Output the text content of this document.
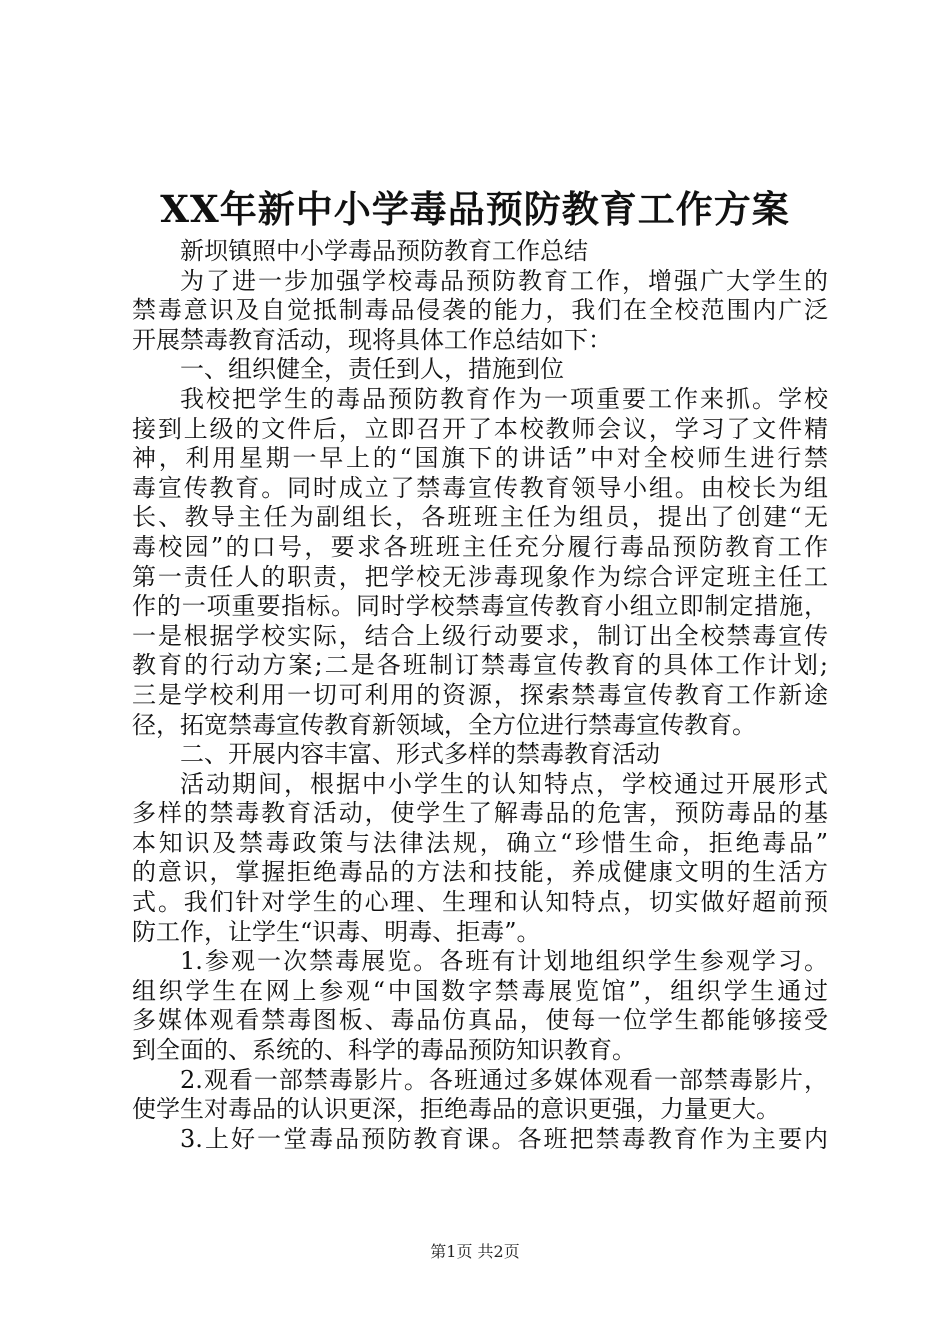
XX年新中小学毒品预防教育工作方案
新坝镇照中小学毒品预防教育工作总结
为了进一步加强学校毒品预防教育工作，增强广大学生的
禁毒意识及自觉抵制毒品侵袭的能力，我们在全校范围内广泛
开展禁毒教育活动，现将具体工作总结如下：
一、组织健全，责任到人，措施到位
我校把学生的毒品预防教育作为一项重要工作来抓。学校
接到上级的文件后，立即召开了本校教师会议，学习了文件精
神，利用星期一早上的“国旗下的讲话”中对全校师生进行禁
毒宣传教育。同时成立了禁毒宣传教育领导小组。由校长为组
长、教导主任为副组长，各班班主任为组员，提出了创建“无
毒校园”的口号，要求各班班主任充分履行毒品预防教育工作
第一责任人的职责，把学校无涉毒现象作为综合评定班主任工
作的一项重要指标。同时学校禁毒宣传教育小组立即制定措施，
一是根据学校实际，结合上级行动要求，制订出全校禁毒宣传
教育的行动方案;二是各班制订禁毒宣传教育的具体工作计划;
三是学校利用一切可利用的资源，探索禁毒宣传教育工作新途
径，拓宽禁毒宣传教育新领域，全方位进行禁毒宣传教育。
二、开展内容丰富、形式多样的禁毒教育活动
活动期间，根据中小学生的认知特点，学校通过开展形式
多样的禁毒教育活动，使学生了解毒品的危害，预防毒品的基
本知识及禁毒政策与法律法规，确立“珍惜生命，拒绝毒品”
的意识，掌握拒绝毒品的方法和技能，养成健康文明的生活方
式。我们针对学生的心理、生理和认知特点，切实做好超前预
防工作，让学生“识毒、明毒、拒毒”。
1.参观一次禁毒展览。各班有计划地组织学生参观学习。
组织学生在网上参观“中国数字禁毒展览馆”，组织学生通过
多媒体观看禁毒图板、毒品仿真品，使每一位学生都能够接受
到全面的、系统的、科学的毒品预防知识教育。
2.观看一部禁毒影片。各班通过多媒体观看一部禁毒影片，
使学生对毒品的认识更深，拒绝毒品的意识更强，力量更大。
3.上好一堂毒品预防教育课。各班把禁毒教育作为主要内
第1页 共2页
